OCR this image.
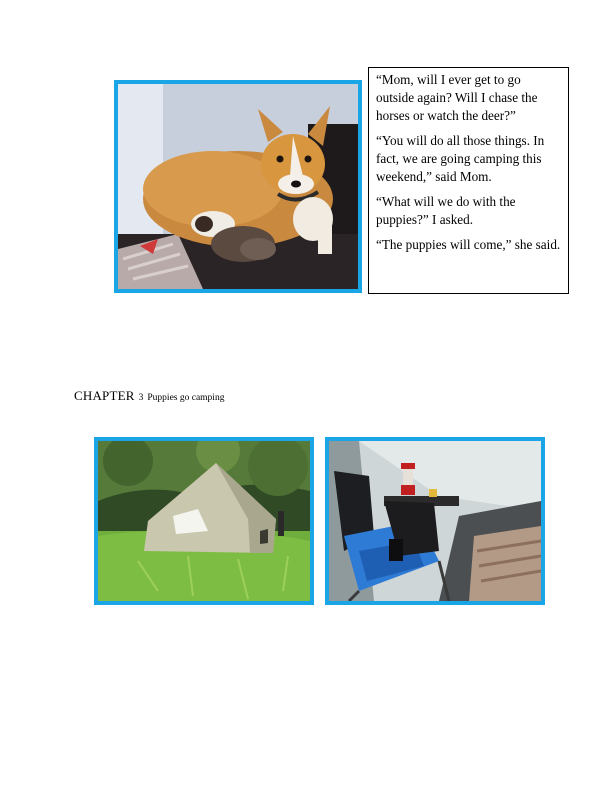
“Mom, will I ever get to go outside again? Will I chase the horses or watch the deer?”

“You will do all those things. In fact, we are going camping this weekend,” said Mom.

“What will we do with the puppies?” I asked.

“The puppies will come,” she said.

CHAPTER 3 Puppies go camping
